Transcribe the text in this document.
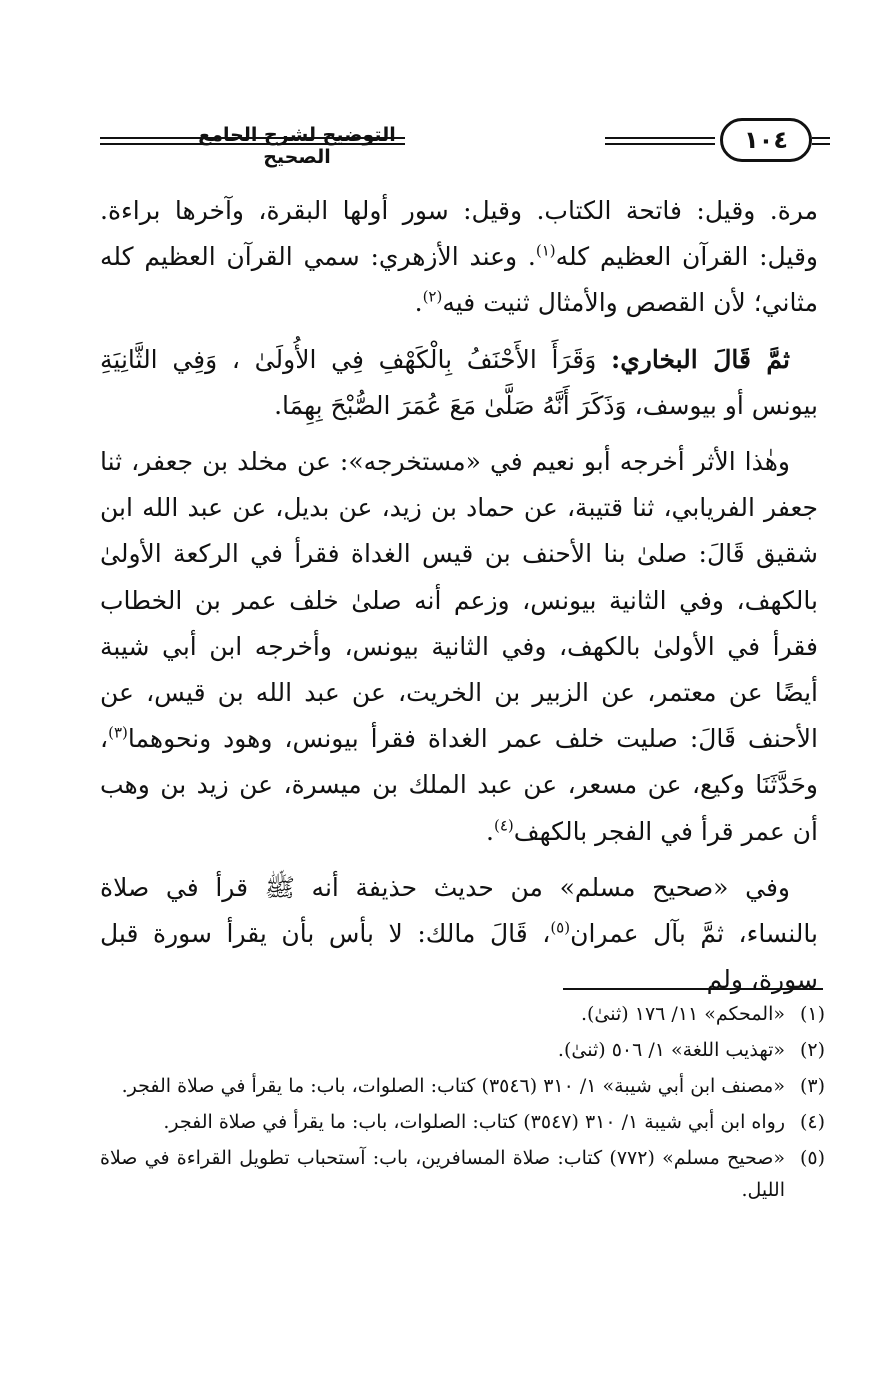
١٠٤
التوضيح لشرح الجامع الصحيح

مرة. وقيل: فاتحة الكتاب. وقيل: سور أولها البقرة، وآخرها براءة. وقيل: القرآن العظيم كله$^{(١)}$. وعند الأزهري: سمي القرآن العظيم كله مثاني؛ لأن القصص والأمثال ثنيت فيه$^{(٢)}$.

ثمَّ قَالَ البخاري: وَقَرَأَ الأَحْنَفُ بِالْكَهْفِ فِي الأُولَىٰ ، وَفِي الثَّانِيَةِ بيونس أو بيوسف، وَذَكَرَ أَنَّهُ صَلَّىٰ مَعَ عُمَرَ الصُّبْحَ بِهِمَا.

وهٰذا الأثر أخرجه أبو نعيم في «مستخرجه»: عن مخلد بن جعفر، ثنا جعفر الفريابي، ثنا قتيبة، عن حماد بن زيد، عن بديل، عن عبد الله ابن شقيق قَالَ: صلىٰ بنا الأحنف بن قيس الغداة فقرأ في الركعة الأولىٰ بالكهف، وفي الثانية بيونس، وزعم أنه صلىٰ خلف عمر بن الخطاب فقرأ في الأولىٰ بالكهف، وفي الثانية بيونس، وأخرجه ابن أبي شيبة أيضًا عن معتمر، عن الزبير بن الخريت، عن عبد الله بن قيس، عن الأحنف قَالَ: صليت خلف عمر الغداة فقرأ بيونس، وهود ونحوهما$^{(٣)}$، وحَدَّثَنَا وكيع، عن مسعر، عن عبد الملك بن ميسرة، عن زيد بن وهب أن عمر قرأ في الفجر بالكهف$^{(٤)}$.

وفي «صحيح مسلم» من حديث حذيفة أنه ﷺ قرأ في صلاة بالنساء، ثمَّ بآل عمران$^{(٥)}$، قَالَ مالك: لا بأس بأن يقرأ سورة قبل سورة، ولم

(١)
«المحكم» ١١/ ١٧٦ (ثنىٰ).
(٢)
«تهذيب اللغة» ١/ ٥٠٦ (ثنىٰ).
(٣)
«مصنف ابن أبي شيبة» ١/ ٣١٠ (٣٥٤٦) كتاب: الصلوات، باب: ما يقرأ في صلاة الفجر.
(٤)
رواه ابن أبي شيبة ١/ ٣١٠ (٣٥٤٧) كتاب: الصلوات، باب: ما يقرأ في صلاة الفجر.
(٥)
«صحيح مسلم» (٧٧٢) كتاب: صلاة المسافرين، باب: آستحباب تطويل القراءة في صلاة الليل.
